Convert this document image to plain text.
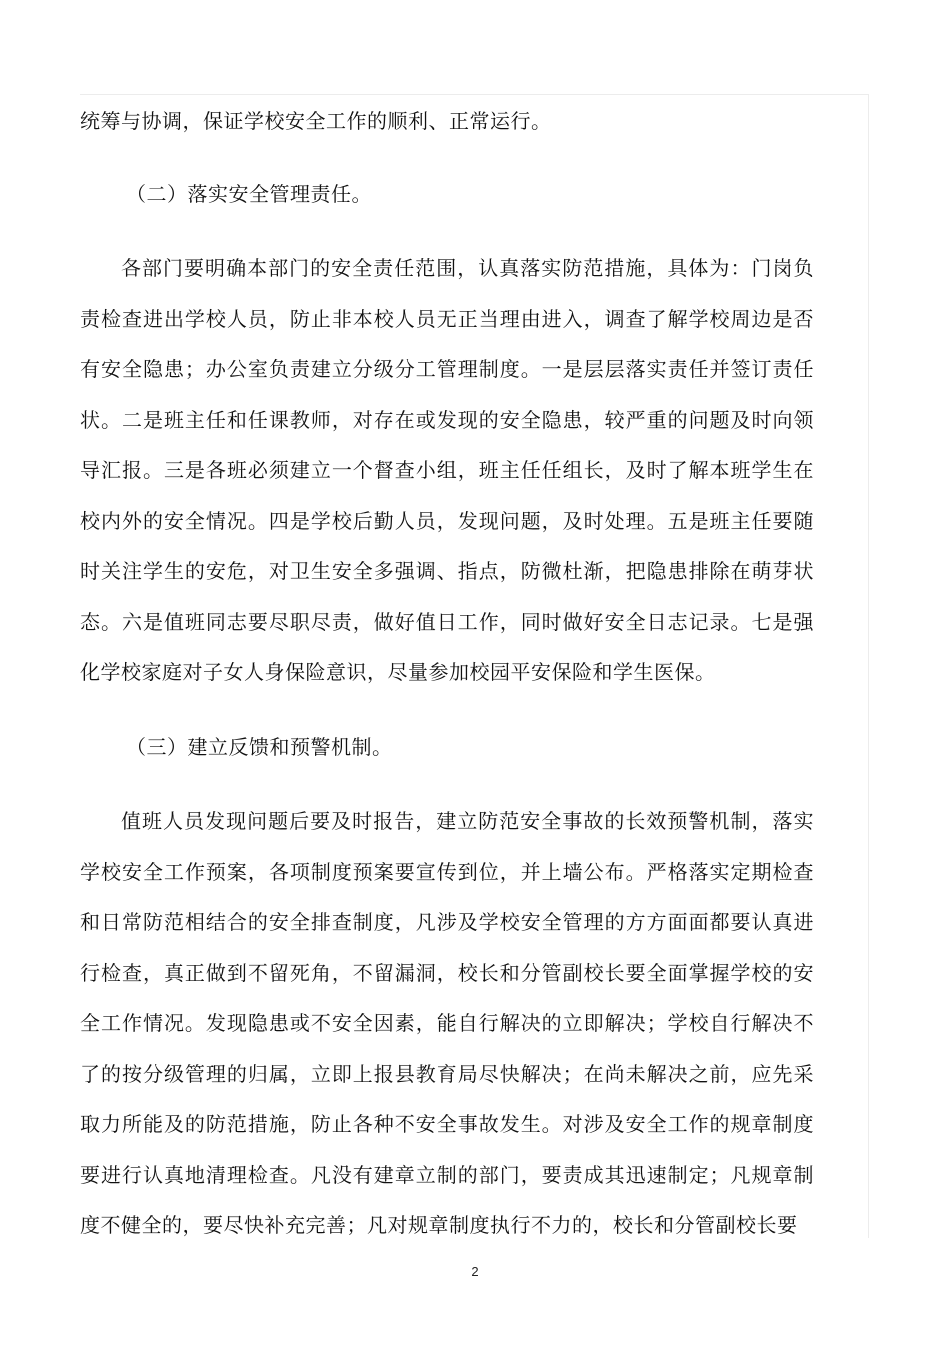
统筹与协调，保证学校安全工作的顺利、正常运行。

（二）落实安全管理责任。

各部门要明确本部门的安全责任范围，认真落实防范措施，具体为：门岗负责检查进出学校人员，防止非本校人员无正当理由进入，调查了解学校周边是否有安全隐患；办公室负责建立分级分工管理制度。一是层层落实责任并签订责任状。二是班主任和任课教师，对存在或发现的安全隐患，较严重的问题及时向领导汇报。三是各班必须建立一个督查小组，班主任任组长，及时了解本班学生在校内外的安全情况。四是学校后勤人员，发现问题，及时处理。五是班主任要随时关注学生的安危，对卫生安全多强调、指点，防微杜渐，把隐患排除在萌芽状态。六是值班同志要尽职尽责，做好值日工作，同时做好安全日志记录。七是强化学校家庭对子女人身保险意识，尽量参加校园平安保险和学生医保。

（三）建立反馈和预警机制。

值班人员发现问题后要及时报告，建立防范安全事故的长效预警机制，落实学校安全工作预案，各项制度预案要宣传到位，并上墙公布。严格落实定期检查和日常防范相结合的安全排查制度，凡涉及学校安全管理的方方面面都要认真进行检查，真正做到不留死角，不留漏洞，校长和分管副校长要全面掌握学校的安全工作情况。发现隐患或不安全因素，能自行解决的立即解决；学校自行解决不了的按分级管理的归属，立即上报县教育局尽快解决；在尚未解决之前，应先采取力所能及的防范措施，防止各种不安全事故发生。对涉及安全工作的规章制度要进行认真地清理检查。凡没有建章立制的部门，要责成其迅速制定；凡规章制度不健全的，要尽快补充完善；凡对规章制度执行不力的，校长和分管副校长要

2
